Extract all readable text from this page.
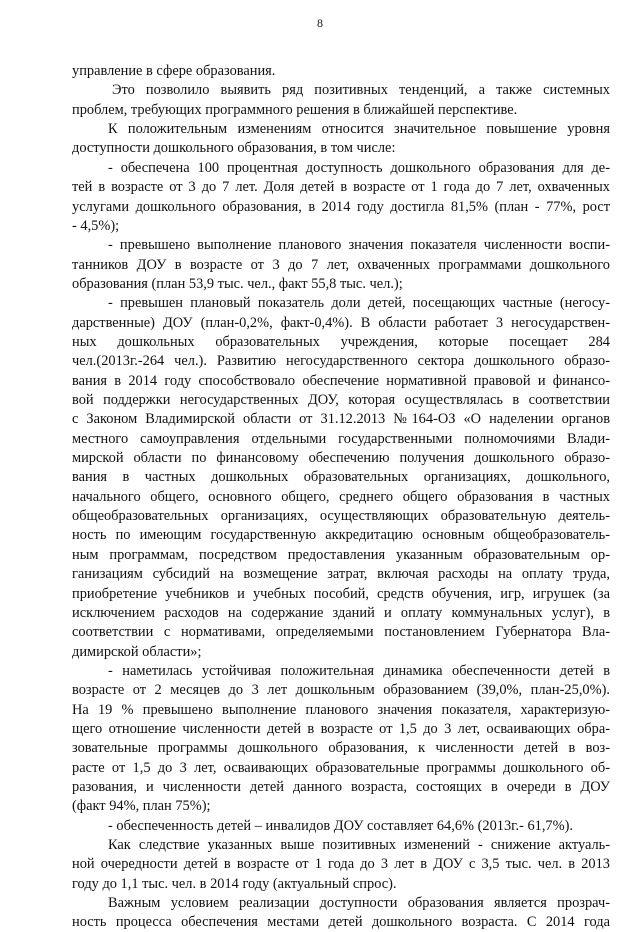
8
управление в сфере образования.
Это позволило выявить ряд позитивных тенденций, а также системных
проблем, требующих программного решения в ближайшей перспективе.
К положительным изменениям относится значительное повышение уровня
доступности дошкольного образования, в том числе:
- обеспечена 100 процентная доступность дошкольного образования для де-
тей в возрасте от 3 до 7 лет. Доля детей в возрасте от 1 года до 7 лет, охваченных
услугами дошкольного образования, в 2014 году достигла 81,5% (план - 77%, рост
- 4,5%);
- превышено выполнение планового значения показателя численности воспи-
танников ДОУ в возрасте от 3 до 7 лет, охваченных программами дошкольного
образования (план 53,9 тыс. чел., факт 55,8 тыс. чел.);
- превышен плановый показатель доли детей, посещающих частные (негосу-
дарственные) ДОУ (план-0,2%, факт-0,4%). В области работает 3 негосударствен-
ных дошкольных образовательных учреждения, которые посещает 284
чел.(2013г.-264 чел.). Развитию негосударственного сектора дошкольного образо-
вания в 2014 году способствовало обеспечение нормативной правовой и финансо-
вой поддержки негосударственных ДОУ, которая осуществлялась в соответствии
с Законом Владимирской области от 31.12.2013 №164-ОЗ «О наделении органов
местного самоуправления отдельными государственными полномочиями Влади-
мирской области по финансовому обеспечению получения дошкольного образо-
вания в частных дошкольных образовательных организациях, дошкольного,
начального общего, основного общего, среднего общего образования в частных
общеобразовательных организациях, осуществляющих образовательную деятель-
ность по имеющим государственную аккредитацию основным общеобразователь-
ным программам, посредством предоставления указанным образовательным ор-
ганизациям субсидий на возмещение затрат, включая расходы на оплату труда,
приобретение учебников и учебных пособий, средств обучения, игр, игрушек (за
исключением расходов на содержание зданий и оплату коммунальных услуг), в
соответствии с нормативами, определяемыми постановлением Губернатора Вла-
димирской области»;
- наметилась устойчивая положительная динамика обеспеченности детей в
возрасте от 2 месяцев до 3 лет дошкольным образованием (39,0%, план-25,0%).
На 19 % превышено выполнение планового значения показателя, характеризую-
щего отношение численности детей в возрасте от 1,5 до 3 лет, осваивающих обра-
зовательные программы дошкольного образования, к численности детей в воз-
расте от 1,5 до 3 лет, осваивающих образовательные программы дошкольного об-
разования, и численности детей данного возраста, состоящих в очереди в ДОУ
(факт 94%, план 75%);
- обеспеченность детей – инвалидов ДОУ составляет 64,6% (2013г.- 61,7%).
Как следствие указанных выше позитивных изменений - снижение актуаль-
ной очередности детей в возрасте от 1 года до 3 лет в ДОУ с 3,5 тыс. чел. в 2013
году до 1,1 тыс. чел. в 2014 году (актуальный спрос).
Важным условием реализации доступности образования является прозрач-
ность процесса обеспечения местами детей дошкольного возраста. С 2014 года
